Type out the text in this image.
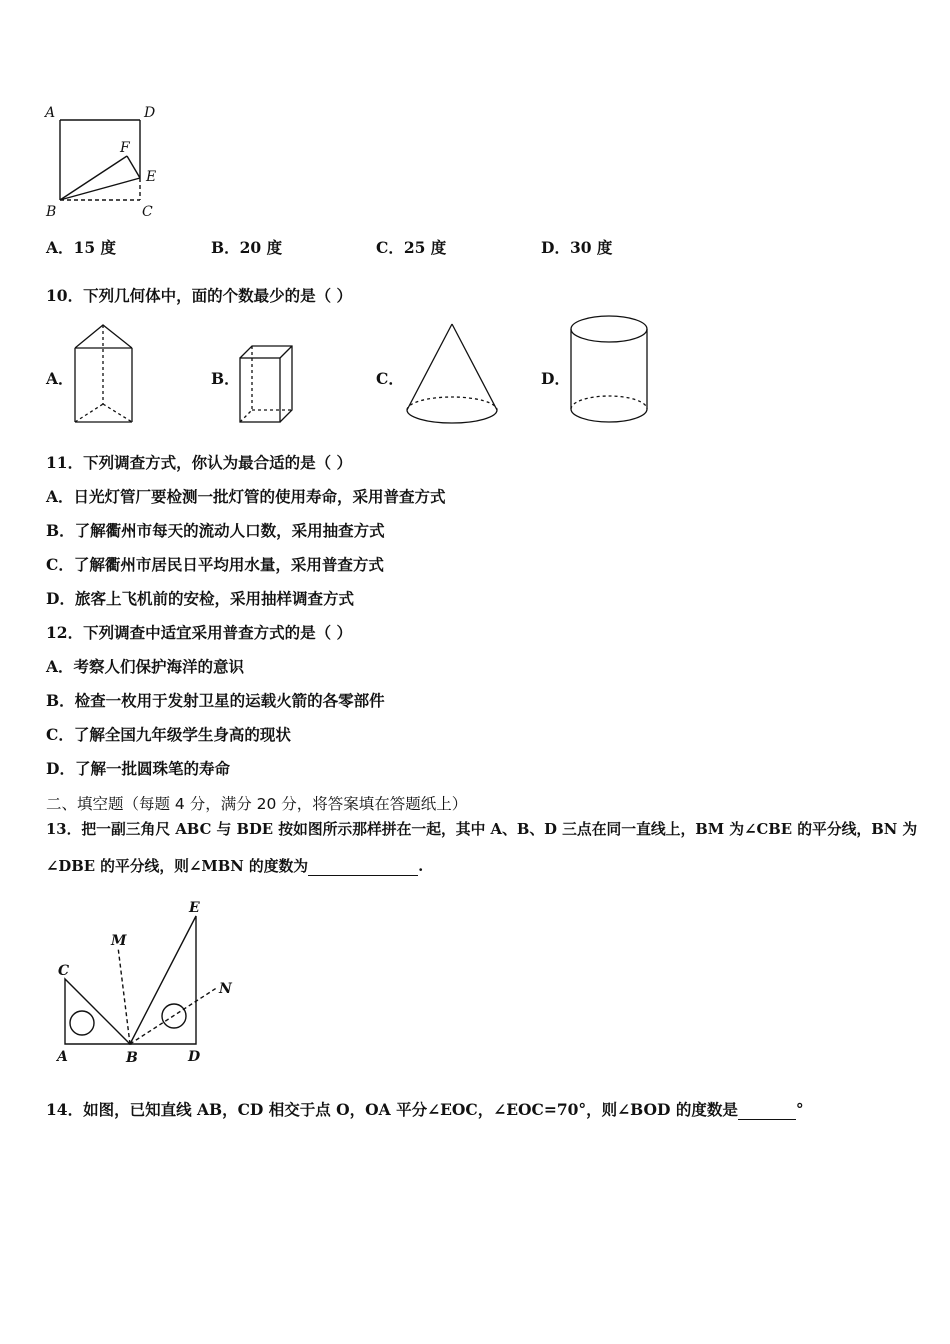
A	D
F
E
B	C
A．15 度	B．20 度	C．25 度	D．30 度
10．下列几何体中，面的个数最少的是（ ）
A．	B．	C．	D．
11．下列调查方式，你认为最合适的是（ ）
A．日光灯管厂要检测一批灯管的使用寿命，采用普查方式
B．了解衢州市每天的流动人口数，采用抽查方式
C．了解衢州市居民日平均用水量，采用普查方式
D．旅客上飞机前的安检，采用抽样调查方式
12．下列调查中适宜采用普查方式的是（ ）
A．考察人们保护海洋的意识
B．检查一枚用于发射卫星的运载火箭的各零部件
C．了解全国九年级学生身高的现状
D．了解一批圆珠笔的寿命
二、填空题（每题 4 分，满分 20 分，将答案填在答题纸上）
13．把一副三角尺 ABC 与 BDE 按如图所示那样拼在一起，其中 A、B、D 三点在同一直线上，BM 为∠CBE 的平分线，BN 为
∠DBE 的平分线，则∠MBN 的度数为	.
C
M
E
N
A	B	D
14．如图，已知直线 AB，CD 相交于点 O，OA 平分∠EOC，∠EOC=70°，则∠BOD 的度数是	°
